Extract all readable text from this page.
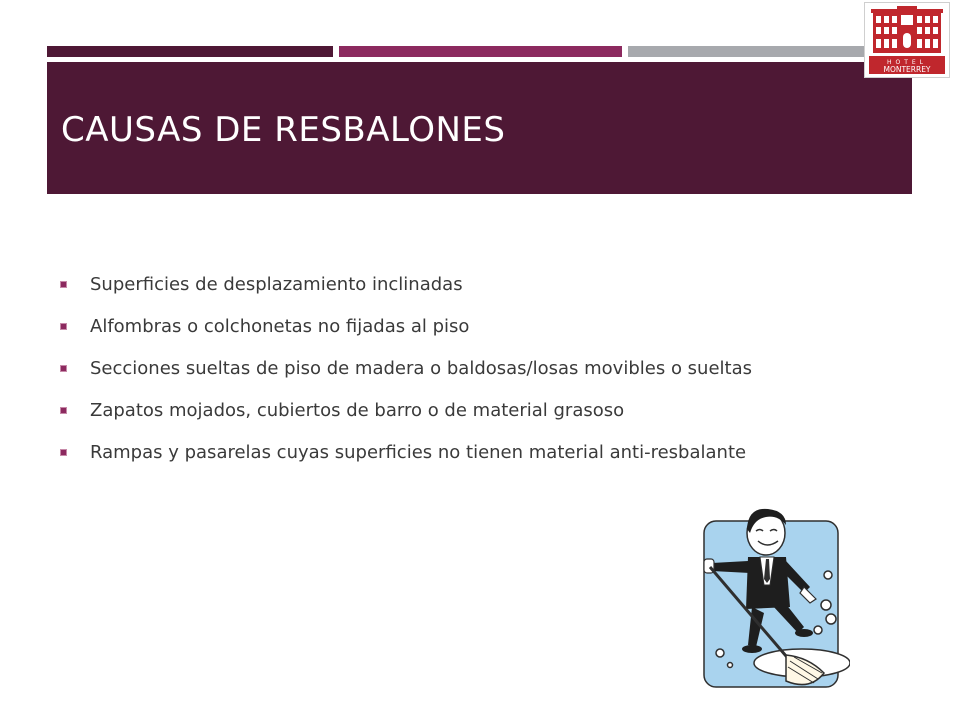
CAUSAS DE RESBALONES
HOTEL
MONTERREY
Superficies de desplazamiento inclinadas
Alfombras o colchonetas no fijadas al piso
Secciones sueltas de piso de madera o baldosas/losas movibles o sueltas
Zapatos mojados, cubiertos de barro o de material grasoso
Rampas y pasarelas cuyas superficies no tienen material anti-resbalante
